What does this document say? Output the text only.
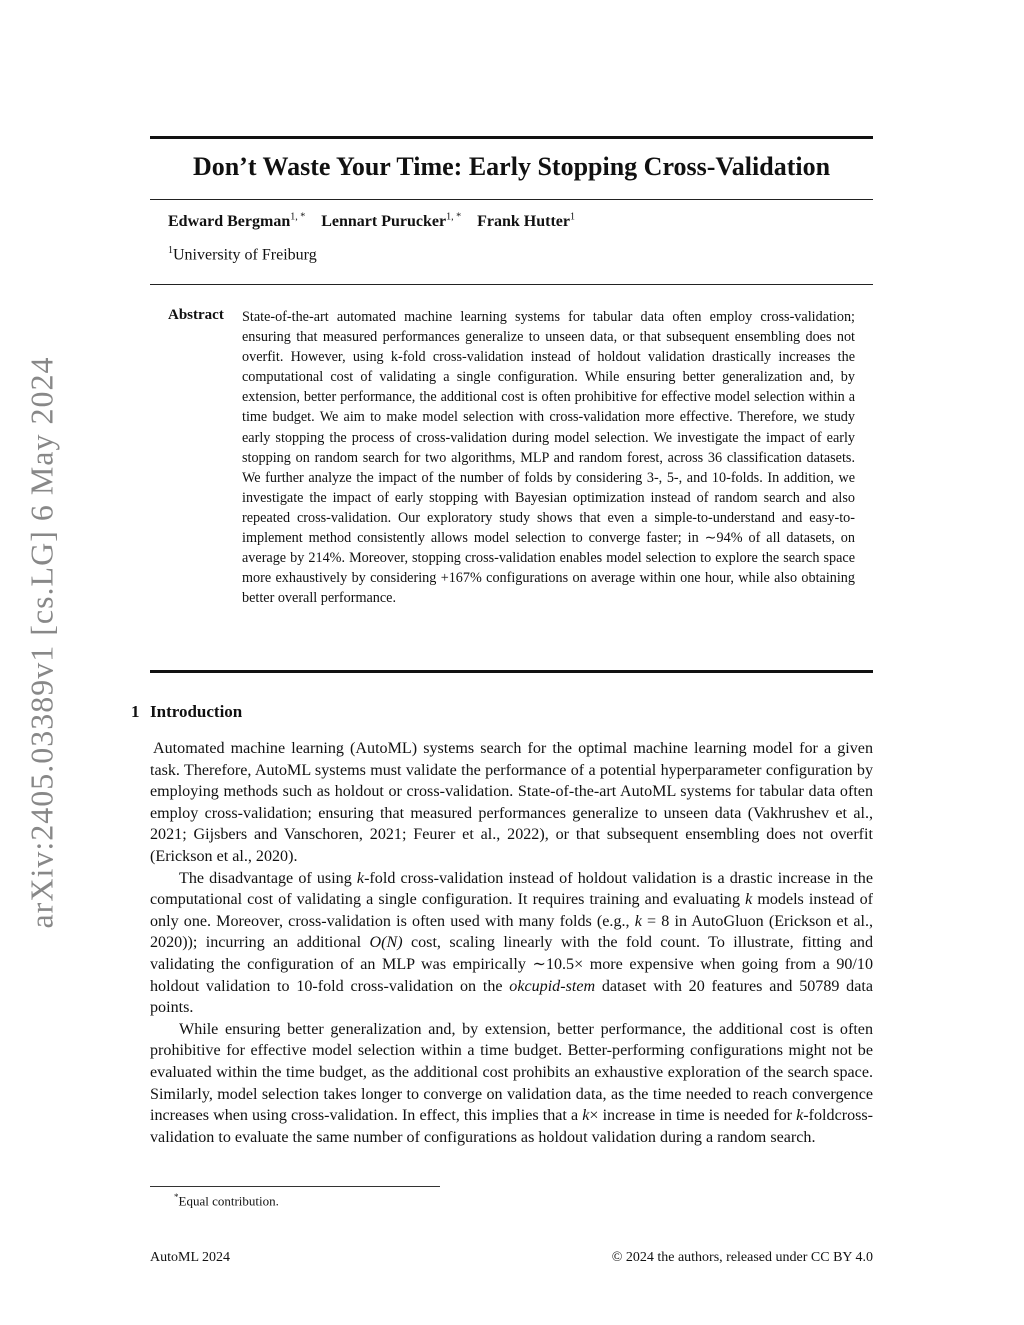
arXiv:2405.03389v1 [cs.LG] 6 May 2024
Don’t Waste Your Time: Early Stopping Cross-Validation
Edward Bergman$^{1, *}$ Lennart Purucker$^{1, *}$ Frank Hutter$^1$
$^1$University of Freiburg
Abstract State-of-the-art automated machine learning systems for tabular data often employ cross-validation; ensuring that measured performances generalize to unseen data, or that subsequent ensembling does not overfit. However, using k-fold cross-validation instead of holdout validation drastically increases the computational cost of validating a single configuration. While ensuring better generalization and, by extension, better performance, the additional cost is often prohibitive for effective model selection within a time budget. We aim to make model selection with cross-validation more effective. Therefore, we study early stopping the process of cross-validation during model selection. We investigate the impact of early stopping on random search for two algorithms, MLP and random forest, across 36 classification datasets. We further analyze the impact of the number of folds by considering 3-, 5-, and 10-folds. In addition, we investigate the impact of early stopping with Bayesian optimization instead of random search and also repeated cross-validation. Our exploratory study shows that even a simple-to-understand and easy-to-implement method consistently allows model selection to converge faster; in ∼94% of all datasets, on average by 214%. Moreover, stopping cross-validation enables model selection to explore the search space more exhaustively by considering +167% configurations on average within one hour, while also obtaining better overall performance.
1 Introduction

Automated machine learning (AutoML) systems search for the optimal machine learning model for a given task. Therefore, AutoML systems must validate the performance of a potential hyperparameter configuration by employing methods such as holdout or cross-validation. State-of-the-art AutoML systems for tabular data often employ cross-validation; ensuring that measured performances generalize to unseen data (Vakhrushev et al., 2021; Gijsbers and Vanschoren, 2021; Feurer et al., 2022), or that subsequent ensembling does not overfit (Erickson et al., 2020).

The disadvantage of using k-fold cross-validation instead of holdout validation is a drastic increase in the computational cost of validating a single configuration. It requires training and evaluating k models instead of only one. Moreover, cross-validation is often used with many folds (e.g., k = 8 in AutoGluon (Erickson et al., 2020)); incurring an additional O(N) cost, scaling linearly with the fold count. To illustrate, fitting and validating the configuration of an MLP was empirically ∼10.5× more expensive when going from a 90/10 holdout validation to 10-fold cross-validation on the okcupid-stem dataset with 20 features and 50789 data points.

While ensuring better generalization and, by extension, better performance, the additional cost is often prohibitive for effective model selection within a time budget. Better-performing configurations might not be evaluated within the time budget, as the additional cost prohibits an exhaustive exploration of the search space. Similarly, model selection takes longer to converge on validation data, as the time needed to reach convergence increases when using cross-validation. In effect, this implies that a k× increase in time is needed for k-foldcross-validation to evaluate the same number of configurations as holdout validation during a random search.

*Equal contribution.
AutoML 2024	© 2024 the authors, released under CC BY 4.0
